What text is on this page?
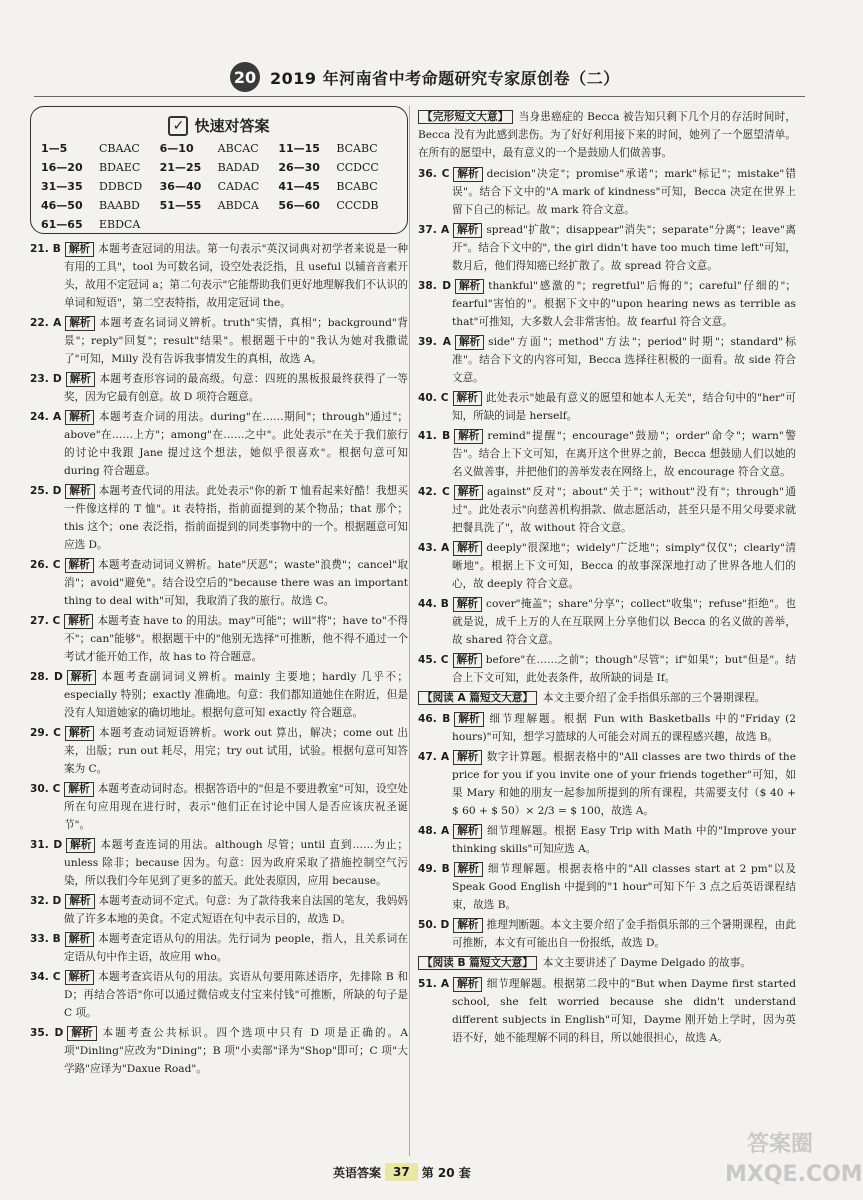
20 2019 年河南省中考命题研究专家原创卷（二）
✓ 快速对答案
1—5	CBAAC 6—10	ABCAC 11—15	BCABC
16—20	BDAEC 21—25	BADAD 26—30	CCDCC
31—35	DDBCD 36—40	CADAC 41—45	BCABC
46—50	BAABD 51—55	ABDCA 56—60	CCCDB
61—65	EBDCA
21. B 解析 本题考查冠词的用法。第一句表示"英汉词典对初学者来说是一种有用的工具"，tool 为可数名词，设空处表泛指，且 useful 以辅音音素开头，故用不定冠词 a；第二句表示"它能帮助我们更好地理解我们不认识的单词和短语"，第二空表特指，故用定冠词 the。
22. A 解析 本题考查名词词义辨析。truth"实情，真相"；background"背景"；reply"回复"；result"结果"。根据题干中的"我认为她对我撒谎了"可知，Milly 没有告诉我事情发生的真相，故选 A。
23. D 解析 本题考查形容词的最高级。句意：四班的黑板报最终获得了一等奖，因为它最有创意。故 D 项符合题意。
24. A 解析 本题考查介词的用法。during"在……期间"；through"通过"；above"在……上方"；among"在……之中"。此处表示"在关于我们旅行的讨论中我跟 Jane 提过这个想法，她似乎很喜欢"。根据句意可知 during 符合题意。
25. D 解析 本题考查代词的用法。此处表示"你的新 T 恤看起来好酷！我想买一件像这样的 T 恤"。it 表特指，指前面提到的某个物品；that 那个；this 这个；one 表泛指，指前面提到的同类事物中的一个。根据题意可知应选 D。
26. C 解析 本题考查动词词义辨析。hate"厌恶"；waste"浪费"；cancel"取消"；avoid"避免"。结合设空后的"because there was an important thing to deal with"可知，我取消了我的旅行。故选 C。
27. C 解析 本题考查 have to 的用法。may"可能"；will"将"；have to"不得不"；can"能够"。根据题干中的"他别无选择"可推断，他不得不通过一个考试才能开始工作，故 has to 符合题意。
28. D 解析 本题考查副词词义辨析。mainly 主要地；hardly 几乎不；especially 特别；exactly 准确地。句意：我们都知道她住在附近，但是没有人知道她家的确切地址。根据句意可知 exactly 符合题意。
29. C 解析 本题考查动词短语辨析。work out 算出，解决；come out 出来，出版；run out 耗尽，用完；try out 试用，试验。根据句意可知答案为 C。
30. C 解析 本题考查动词时态。根据答语中的"但是不要进教室"可知，设空处所在句应用现在进行时，表示"他们正在讨论中国人是否应该庆祝圣诞节"。
31. D 解析 本题考查连词的用法。although 尽管；until 直到……为止；unless 除非；because 因为。句意：因为政府采取了措施控制空气污染，所以我们今年见到了更多的蓝天。此处表原因，应用 because。
32. D 解析 本题考查动词不定式。句意：为了款待我来自法国的笔友，我妈妈做了许多本地的美食。不定式短语在句中表示目的，故选 D。
33. B 解析 本题考查定语从句的用法。先行词为 people，指人，且关系词在定语从句中作主语，故应用 who。
34. C 解析 本题考查宾语从句的用法。宾语从句要用陈述语序，先排除 B 和 D；再结合答语"你可以通过微信或支付宝来付钱"可推断，所缺的句子是 C 项。
35. D 解析 本题考查公共标识。四个选项中只有 D 项是正确的。A 项"Dinling"应改为"Dining"；B 项"小卖部"译为"Shop"即可；C 项"大学路"应译为"Daxue Road"。
【完形短文大意】 当身患癌症的 Becca 被告知只剩下几个月的存活时间时，Becca 没有为此感到悲伤。为了好好利用接下来的时间，她列了一个愿望清单。在所有的愿望中，最有意义的一个是鼓励人们做善事。
36. C 解析 decision"决定"；promise"承诺"；mark"标记"；mistake"错误"。结合下文中的"A mark of kindness"可知，Becca 决定在世界上留下自己的标记。故 mark 符合文意。
37. A 解析 spread"扩散"；disappear"消失"；separate"分离"；leave"离开"。结合下文中的", the girl didn't have too much time left"可知，数月后，他们得知癌已经扩散了。故 spread 符合文意。
38. D 解析 thankful"感激的"；regretful"后悔的"；careful"仔细的"；fearful"害怕的"。根据下文中的"upon hearing news as terrible as that"可推知，大多数人会非常害怕。故 fearful 符合文意。
39. A 解析 side"方面"；method"方法"；period"时期"；standard"标准"。结合下文的内容可知，Becca 选择往积极的一面看。故 side 符合文意。
40. C 解析 此处表示"她最有意义的愿望和她本人无关"，结合句中的"her"可知，所缺的词是 herself。
41. B 解析 remind"提醒"；encourage"鼓励"；order"命令"；warn"警告"。结合上下文可知，在离开这个世界之前，Becca 想鼓励人们以她的名义做善事，并把他们的善举发表在网络上，故 encourage 符合文意。
42. C 解析 against"反对"；about"关于"；without"没有"；through"通过"。此处表示"向慈善机构捐款、做志愿活动，甚至只是不用父母要求就把餐具洗了"，故 without 符合文意。
43. A 解析 deeply"很深地"；widely"广泛地"；simply"仅仅"；clearly"清晰地"。根据上下文可知，Becca 的故事深深地打动了世界各地人们的心，故 deeply 符合文意。
44. B 解析 cover"掩盖"；share"分享"；collect"收集"；refuse"拒绝"。也就是说，成千上万的人在互联网上分享他们以 Becca 的名义做的善举，故 shared 符合文意。
45. C 解析 before"在……之前"；though"尽管"；if"如果"；but"但是"。结合上下文可知，此处表条件，故所缺的词是 If。
【阅读 A 篇短文大意】 本文主要介绍了金手指俱乐部的三个暑期课程。
46. B 解析 细节理解题。根据 Fun with Basketballs 中的"Friday (2 hours)"可知，想学习篮球的人可能会对周五的课程感兴趣，故选 B。
47. A 解析 数字计算题。根据表格中的"All classes are two thirds of the price for you if you invite one of your friends together"可知，如果 Mary 和她的朋友一起参加所提到的所有课程，共需要支付（$ 40 + $ 60 + $ 50）× 2/3 = $ 100，故选 A。
48. A 解析 细节理解题。根据 Easy Trip with Math 中的"Improve your thinking skills"可知应选 A。
49. B 解析 细节理解题。根据表格中的"All classes start at 2 pm"以及 Speak Good English 中提到的"1 hour"可知下午 3 点之后英语课程结束，故选 B。
50. D 解析 推理判断题。本文主要介绍了金手指俱乐部的三个暑期课程，由此可推断，本文有可能出自一份报纸，故选 D。
【阅读 B 篇短文大意】 本文主要讲述了 Dayme Delgado 的故事。
51. A 解析 细节理解题。根据第二段中的"But when Dayme first started school, she felt worried because she didn't understand different subjects in English"可知，Dayme 刚开始上学时，因为英语不好，她不能理解不同的科目，所以她很担心，故选 A。
英语答案	37	第 20 套
答案圈 MXQE.COM
